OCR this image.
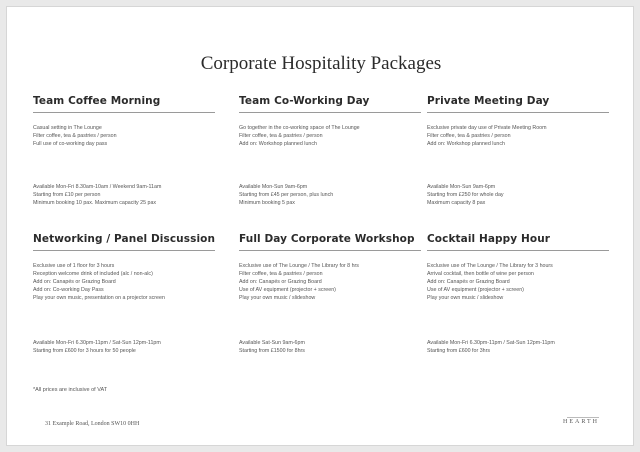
Corporate Hospitality Packages
Team Coffee Morning
Casual setting in The Lounge
Filter coffee, tea & pastries / person
Full use of co-working day pass
Available Mon-Fri 8.30am-10am / Weekend 9am-11am
Starting from £10 per person
Minimum booking 10 pax. Maximum capacity 25 pax
Team Co-Working Day
Go together in the co-working space of The Lounge
Filter coffee, tea & pastries / person
Add on: Workshop planned lunch
Available Mon-Sun 9am-6pm
Starting from £45 per person, plus lunch
Minimum booking 5 pax
Private Meeting Day
Exclusive private day use of Private Meeting Room
Filter coffee, tea & pastries / person
Add on: Workshop planned lunch
Available Mon-Sun 9am-6pm
Starting from £250 for whole day
Maximum capacity 8 pax
Networking / Panel Discussion
Exclusive use of 1 floor for 3 hours
Reception welcome drink of included (alc / non-alc)
Add on: Canapés or Grazing Board
Add on: Co-working Day Pass
Play your own music, presentation on a projector screen
Available Mon-Fri 6.30pm-11pm / Sat-Sun 12pm-11pm
Starting from £600 for 3 hours for 50 people
Full Day Corporate Workshop
Exclusive use of The Lounge / The Library for 8 hrs
Filter coffee, tea & pastries / person
Add on: Canapés or Grazing Board
Use of AV equipment (projector + screen)
Play your own music / slideshow
Available Sat-Sun 9am-6pm
Starting from £1500 for 8hrs
Cocktail Happy Hour
Exclusive use of The Lounge / The Library for 3 hours
Arrival cocktail, then bottle of wine per person
Add on: Canapés or Grazing Board
Use of AV equipment (projector + screen)
Play your own music / slideshow
Available Mon-Fri 6.30pm-11pm / Sat-Sun 12pm-11pm
Starting from £600 for 3hrs
*All prices are inclusive of VAT
31 Example Road, London SW10 0HH	HEARTH
